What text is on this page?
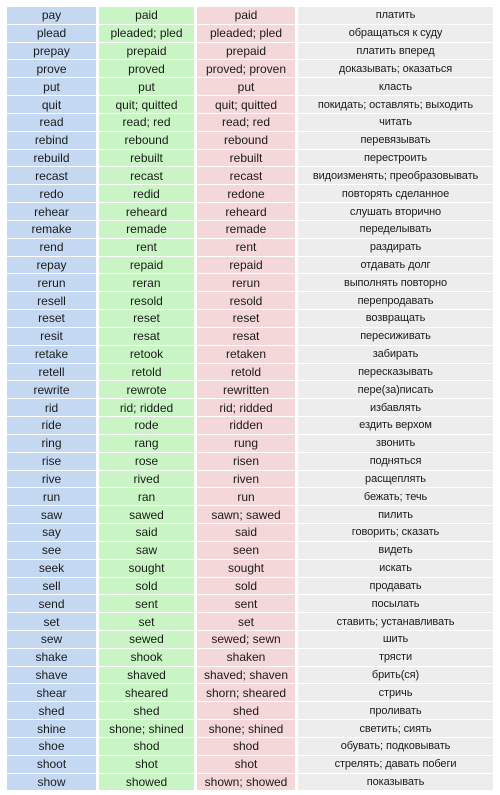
pay	paid	paid	платить
plead	pleaded; pled	pleaded; pled	обращаться к суду
prepay	prepaid	prepaid	платить вперед
prove	proved	proved; proven	доказывать; оказаться
put	put	put	класть
quit	quit; quitted	quit; quitted	покидать; оставлять; выходить
read	read; red	read; red	читать
rebind	rebound	rebound	перевязывать
rebuild	rebuilt	rebuilt	перестроить
recast	recast	recast	видоизменять; преобразовывать
redo	redid	redone	повторять сделанное
rehear	reheard	reheard	слушать вторично
remake	remade	remade	переделывать
rend	rent	rent	раздирать
repay	repaid	repaid	отдавать долг
rerun	reran	rerun	выполнять повторно
resell	resold	resold	перепродавать
reset	reset	reset	возвращать
resit	resat	resat	пересиживать
retake	retook	retaken	забирать
retell	retold	retold	пересказывать
rewrite	rewrote	rewritten	пере(за)писать
rid	rid; ridded	rid; ridded	избавлять
ride	rode	ridden	ездить верхом
ring	rang	rung	звонить
rise	rose	risen	подняться
rive	rived	riven	расщеплять
run	ran	run	бежать; течь
saw	sawed	sawn; sawed	пилить
say	said	said	говорить; сказать
see	saw	seen	видеть
seek	sought	sought	искать
sell	sold	sold	продавать
send	sent	sent	посылать
set	set	set	ставить; устанавливать
sew	sewed	sewed; sewn	шить
shake	shook	shaken	трясти
shave	shaved	shaved; shaven	брить(ся)
shear	sheared	shorn; sheared	стричь
shed	shed	shed	проливать
shine	shone; shined	shone; shined	светить; сиять
shoe	shod	shod	обувать; подковывать
shoot	shot	shot	стрелять; давать побеги
show	showed	shown; showed	показывать
